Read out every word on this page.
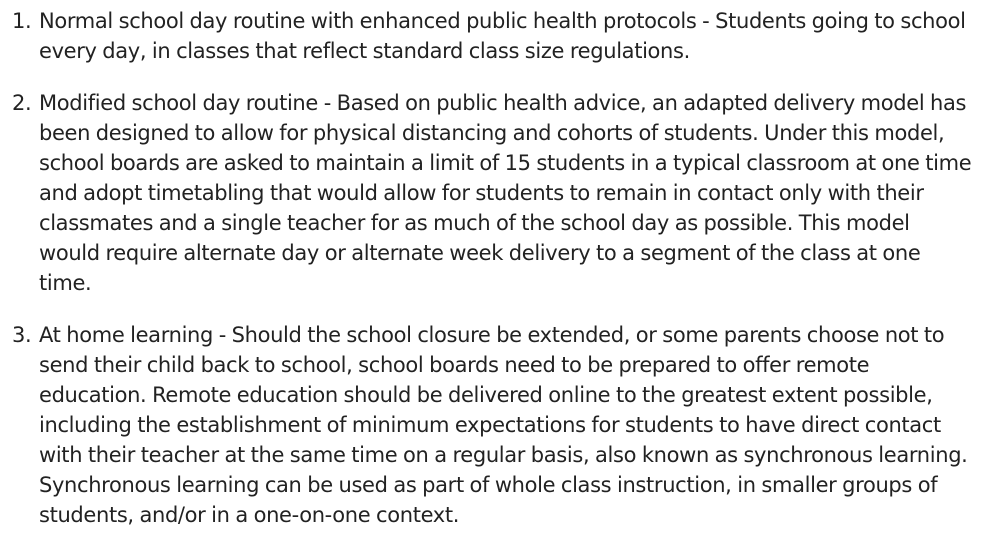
1. Normal school day routine with enhanced public health protocols - Students going to school every day, in classes that reflect standard class size regulations.
2. Modified school day routine - Based on public health advice, an adapted delivery model has been designed to allow for physical distancing and cohorts of students. Under this model, school boards are asked to maintain a limit of 15 students in a typical classroom at one time and adopt timetabling that would allow for students to remain in contact only with their classmates and a single teacher for as much of the school day as possible. This model would require alternate day or alternate week delivery to a segment of the class at one time.
3. At home learning - Should the school closure be extended, or some parents choose not to send their child back to school, school boards need to be prepared to offer remote education. Remote education should be delivered online to the greatest extent possible, including the establishment of minimum expectations for students to have direct contact with their teacher at the same time on a regular basis, also known as synchronous learning. Synchronous learning can be used as part of whole class instruction, in smaller groups of students, and/or in a one-on-one context.
